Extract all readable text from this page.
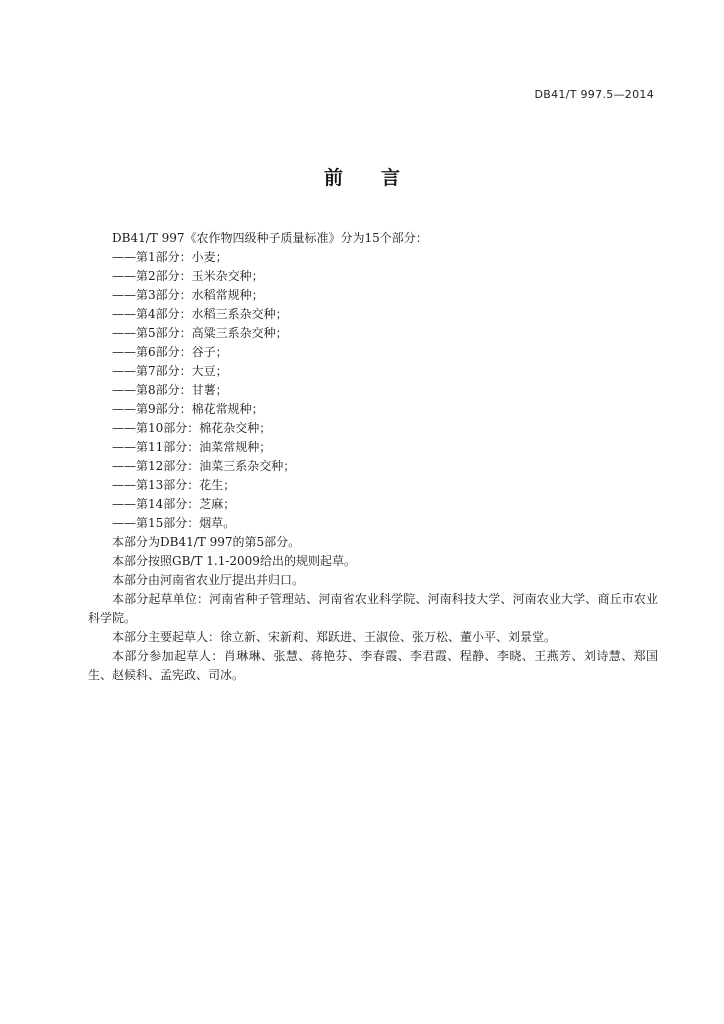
DB41/T 997.5—2014
前言
DB41/T 997《农作物四级种子质量标准》分为15个部分：
——第1部分：小麦；
——第2部分：玉米杂交种；
——第3部分：水稻常规种；
——第4部分：水稻三系杂交种；
——第5部分：高粱三系杂交种；
——第6部分：谷子；
——第7部分：大豆；
——第8部分：甘薯；
——第9部分：棉花常规种；
——第10部分：棉花杂交种；
——第11部分：油菜常规种；
——第12部分：油菜三系杂交种；
——第13部分：花生；
——第14部分：芝麻；
——第15部分：烟草。
本部分为DB41/T 997的第5部分。
本部分按照GB/T 1.1-2009给出的规则起草。
本部分由河南省农业厅提出并归口。
本部分起草单位：河南省种子管理站、河南省农业科学院、河南科技大学、河南农业大学、商丘市农业科学院。
本部分主要起草人：徐立新、宋新莉、郑跃进、王淑俭、张万松、董小平、刘景堂。
本部分参加起草人：肖琳琳、张慧、蒋艳芬、李春霞、李君霞、程静、李晓、王燕芳、刘诗慧、郑国生、赵候科、孟宪政、司冰。
